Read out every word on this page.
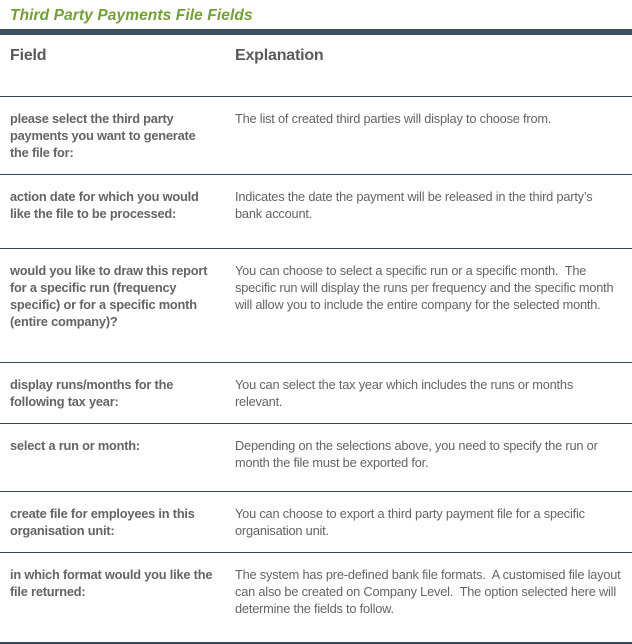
Third Party Payments File Fields
Field	Explanation
please select the third party payments you want to generate the file for:	The list of created third parties will display to choose from.
action date for which you would like the file to be processed:	Indicates the date the payment will be released in the third party’s bank account.
would you like to draw this report for a specific run (frequency specific) or for a specific month (entire company)?	You can choose to select a specific run or a specific month.  The specific run will display the runs per frequency and the specific month will allow you to include the entire company for the selected month.
display runs/months for the following tax year:	You can select the tax year which includes the runs or months relevant.
select a run or month:	Depending on the selections above, you need to specify the run or month the file must be exported for.
create file for employees in this organisation unit:	You can choose to export a third party payment file for a specific organisation unit.
in which format would you like the file returned:	The system has pre-defined bank file formats.  A customised file layout can also be created on Company Level.  The option selected here will determine the fields to follow.
